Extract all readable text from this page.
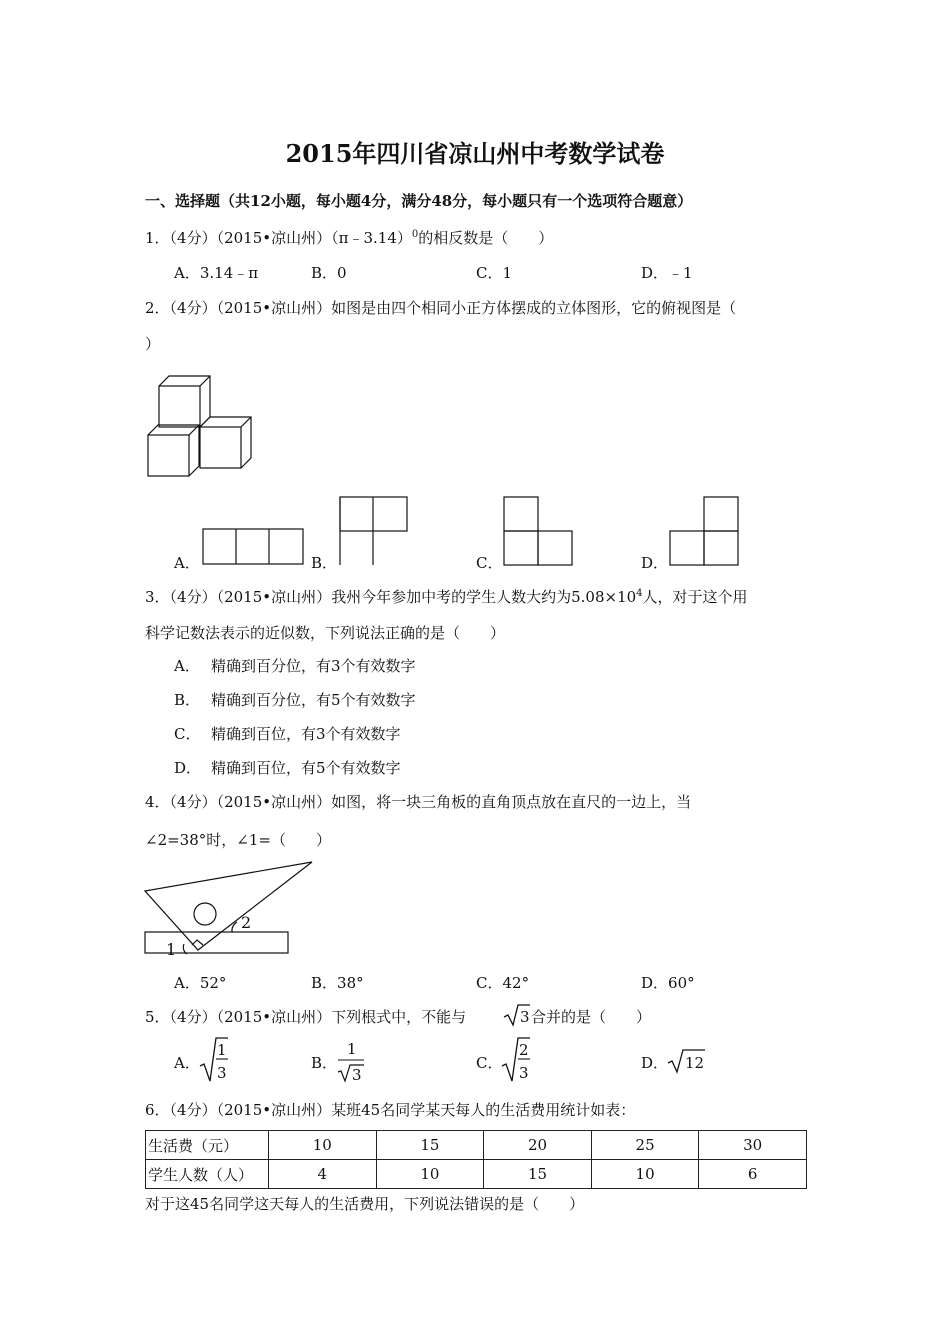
2015年四川省凉山州中考数学试卷
一、选择题（共12小题，每小题4分，满分48分，每小题只有一个选项符合题意）
1．（4分）（2015•凉山州）（π﹣3.14）$^0$的相反数是（　　）
A．3.14﹣π	B．0	C．1	D．﹣1
2．（4分）（2015•凉山州）如图是由四个相同小正方体摆成的立体图形，它的俯视图是（
）
A．	B．	C．	D．
3．（4分）（2015•凉山州）我州今年参加中考的学生人数大约为$5.08\times 10^4$人，对于这个用
科学记数法表示的近似数，下列说法正确的是（　　）
A． 精确到百分位，有3个有效数字
B． 精确到百分位，有5个有效数字
C． 精确到百位，有3个有效数字
D． 精确到百位，有5个有效数字
4．（4分）（2015•凉山州）如图，将一块三角板的直角顶点放在直尺的一边上，当
∠2=38°时，∠1=（　　）
1
2
A．52°	B．38°	C．42°	D．60°
5．（4分）（2015•凉山州）下列根式中，不能与	3 合并的是（　　）
A．
1
3
B．
1
3
C．
2
3
D． 12
6．（4分）（2015•凉山州）某班45名同学某天每人的生活费用统计如表：
生活费（元）	10	15	20	25	30
学生人数（人）	4	10	15	10	6
对于这45名同学这天每人的生活费用，下列说法错误的是（　　）
